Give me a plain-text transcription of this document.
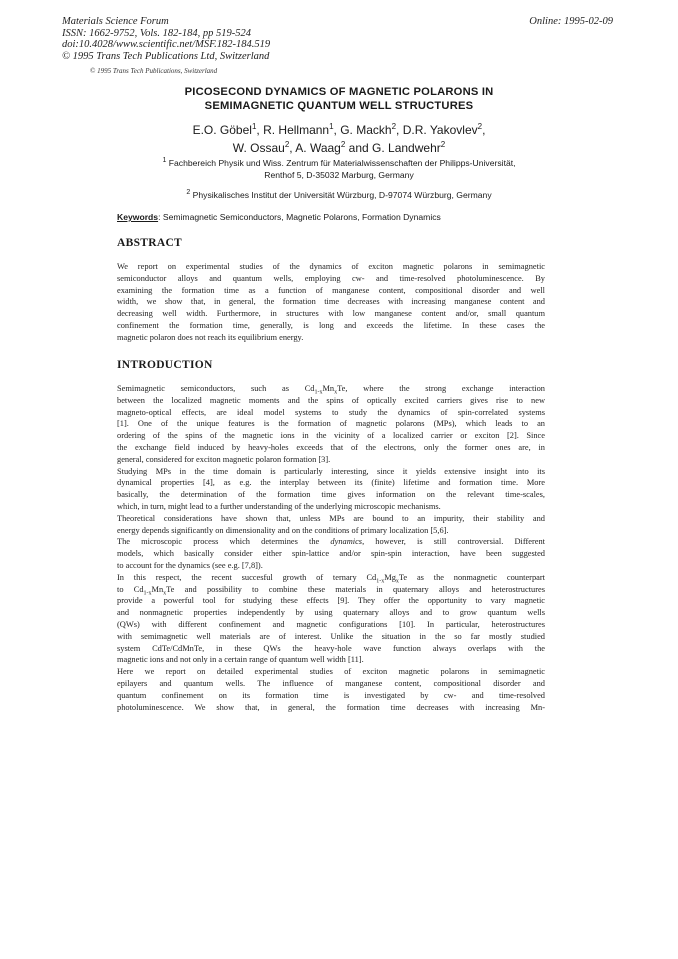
Materials Science Forum
ISSN: 1662-9752, Vols. 182-184, pp 519-524
doi:10.4028/www.scientific.net/MSF.182-184.519
© 1995 Trans Tech Publications Ltd, Switzerland
Online: 1995-02-09
© 1995 Trans Tech Publications, Switzerland
PICOSECOND DYNAMICS OF MAGNETIC POLARONS IN
SEMIMAGNETIC QUANTUM WELL STRUCTURES
E.O. Göbel$^1$, R. Hellmann$^1$, G. Mackh$^2$, D.R. Yakovlev$^2$,
W. Ossau$^2$, A. Waag$^2$ and G. Landwehr$^2$
$^1$ Fachbereich Physik und Wiss. Zentrum für Materialwissenschaften der Philipps-Universität,
Renthof 5, D-35032 Marburg, Germany
$^2$ Physikalisches Institut der Universität Würzburg, D-97074 Würzburg, Germany
Keywords: Semimagnetic Semiconductors, Magnetic Polarons, Formation Dynamics
ABSTRACT
We report on experimental studies of the dynamics of exciton magnetic polarons in semimagnetic
semiconductor alloys and quantum wells, employing cw- and time-resolved photoluminescence. By
examining the formation time as a function of manganese content, compositional disorder and well
width, we show that, in general, the formation time decreases with increasing manganese content and
decreasing well width. Furthermore, in structures with low manganese content and/or, small quantum
confinement the formation time, generally, is long and exceeds the lifetime. In these cases the
magnetic polaron does not reach its equilibrium energy.
INTRODUCTION
Semimagnetic semiconductors, such as $Cd_{1-x}Mn_xTe$, where the strong exchange interaction
between the localized magnetic moments and the spins of optically excited carriers gives rise to new
magneto-optical effects, are ideal model systems to study the dynamics of spin-correlated systems
[1]. One of the unique features is the formation of magnetic polarons (MPs), which leads to an
ordering of the spins of the magnetic ions in the vicinity of a localized carrier or exciton [2]. Since
the exchange field induced by heavy-holes exceeds that of the electrons, only the former ones are, in
general, considered for exciton magnetic polaron formation [3].
Studying MPs in the time domain is particularly interesting, since it yields extensive insight into its
dynamical properties [4], as e.g. the interplay between its (finite) lifetime and formation time. More
basically, the determination of the formation time gives information on the relevant time-scales,
which, in turn, might lead to a further understanding of the underlying microscopic mechanisms.
Theoretical considerations have shown that, unless MPs are bound to an impurity, their stability and
energy depends significantly on dimensionality and on the conditions of primary localization [5,6].
The microscopic process which determines the dynamics, however, is still controversial. Different
models, which basically consider either spin-lattice and/or spin-spin interaction, have been suggested
to account for the dynamics (see e.g. [7,8]).
In this respect, the recent succesful growth of ternary $Cd_{1-x}Mg_xTe$ as the nonmagnetic counterpart
to $Cd_{1-x}Mn_xTe$ and possibility to combine these materials in quaternary alloys and heterostructures
provide a powerful tool for studying these effects [9]. They offer the opportunity to vary magnetic
and nonmagnetic properties independently by using quaternary alloys and to grow quantum wells
(QWs) with different confinement and magnetic configurations [10]. In particular, heterostructures
with semimagnetic well materials are of interest. Unlike the situation in the so far mostly studied
system CdTe/CdMnTe, in these QWs the heavy-hole wave function always overlaps with the
magnetic ions and not only in a certain range of quantum well width [11].
Here we report on detailed experimental studies of exciton magnetic polarons in semimagnetic
epilayers and quantum wells. The influence of manganese content, compositional disorder and
quantum confinement on its formation time is investigated by cw- and time-resolved
photoluminescence. We show that, in general, the formation time decreases with increasing Mn-
